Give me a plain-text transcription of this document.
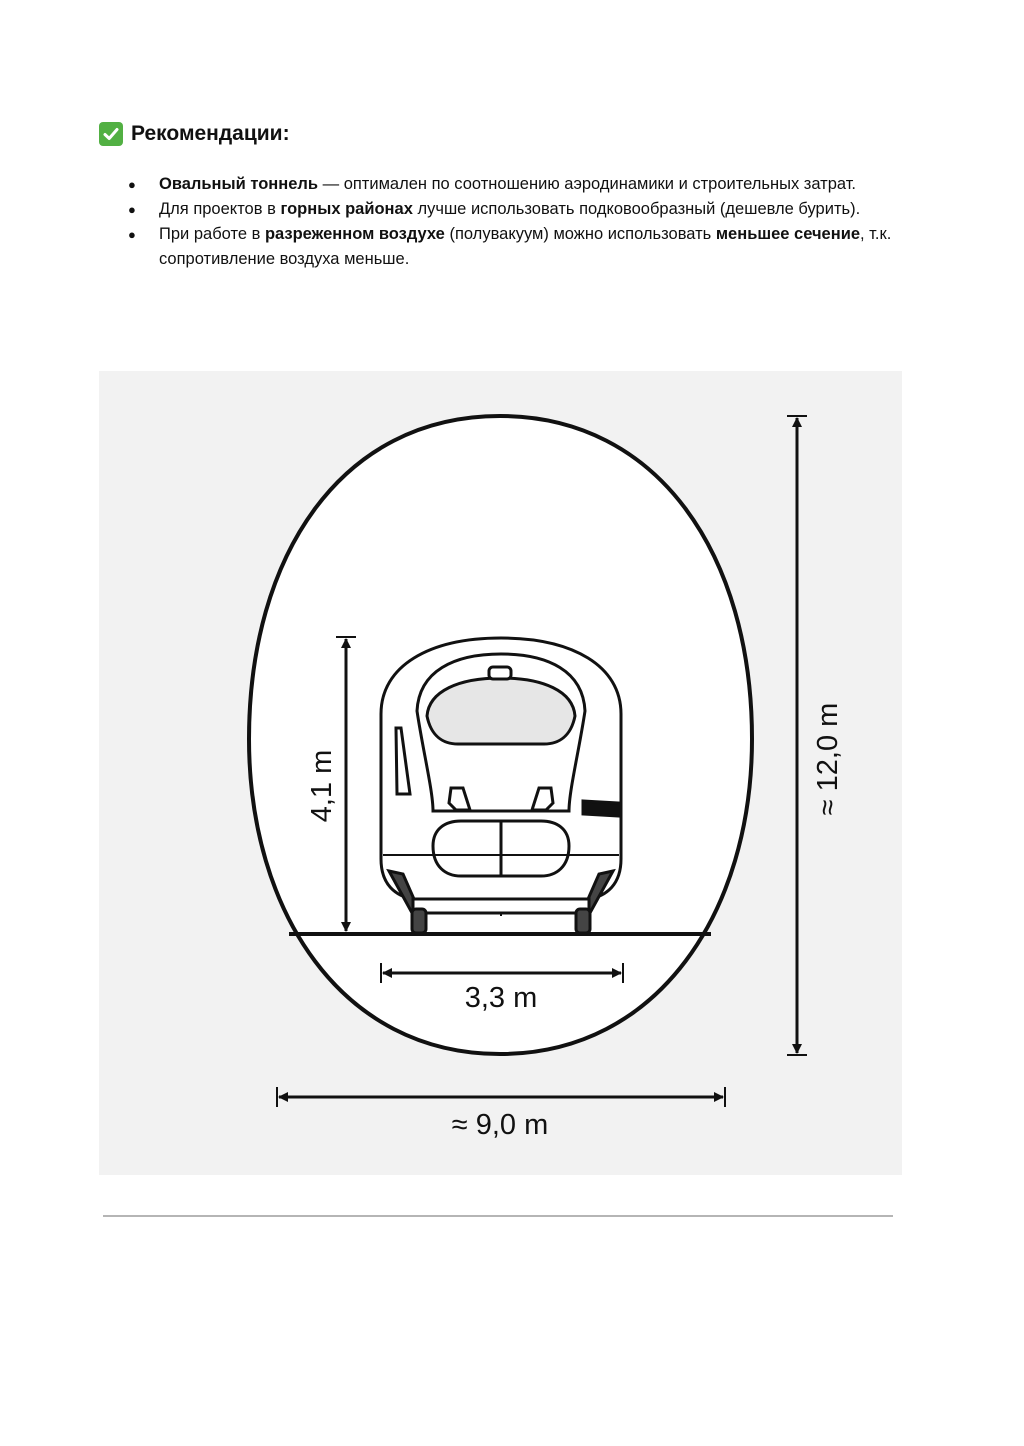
Рекомендации:
● Овальный тоннель — оптимален по соотношению аэродинамики и строительных затрат.
● Для проектов в горных районах лучше использовать подковообразный (дешевле бурить).
● При работе в разреженном воздухе (полувакуум) можно использовать меньшее сечение, т.к. сопротивление воздуха меньше.
4,1 m
3,3 m
≈ 12,0 m
≈ 9,0 m
